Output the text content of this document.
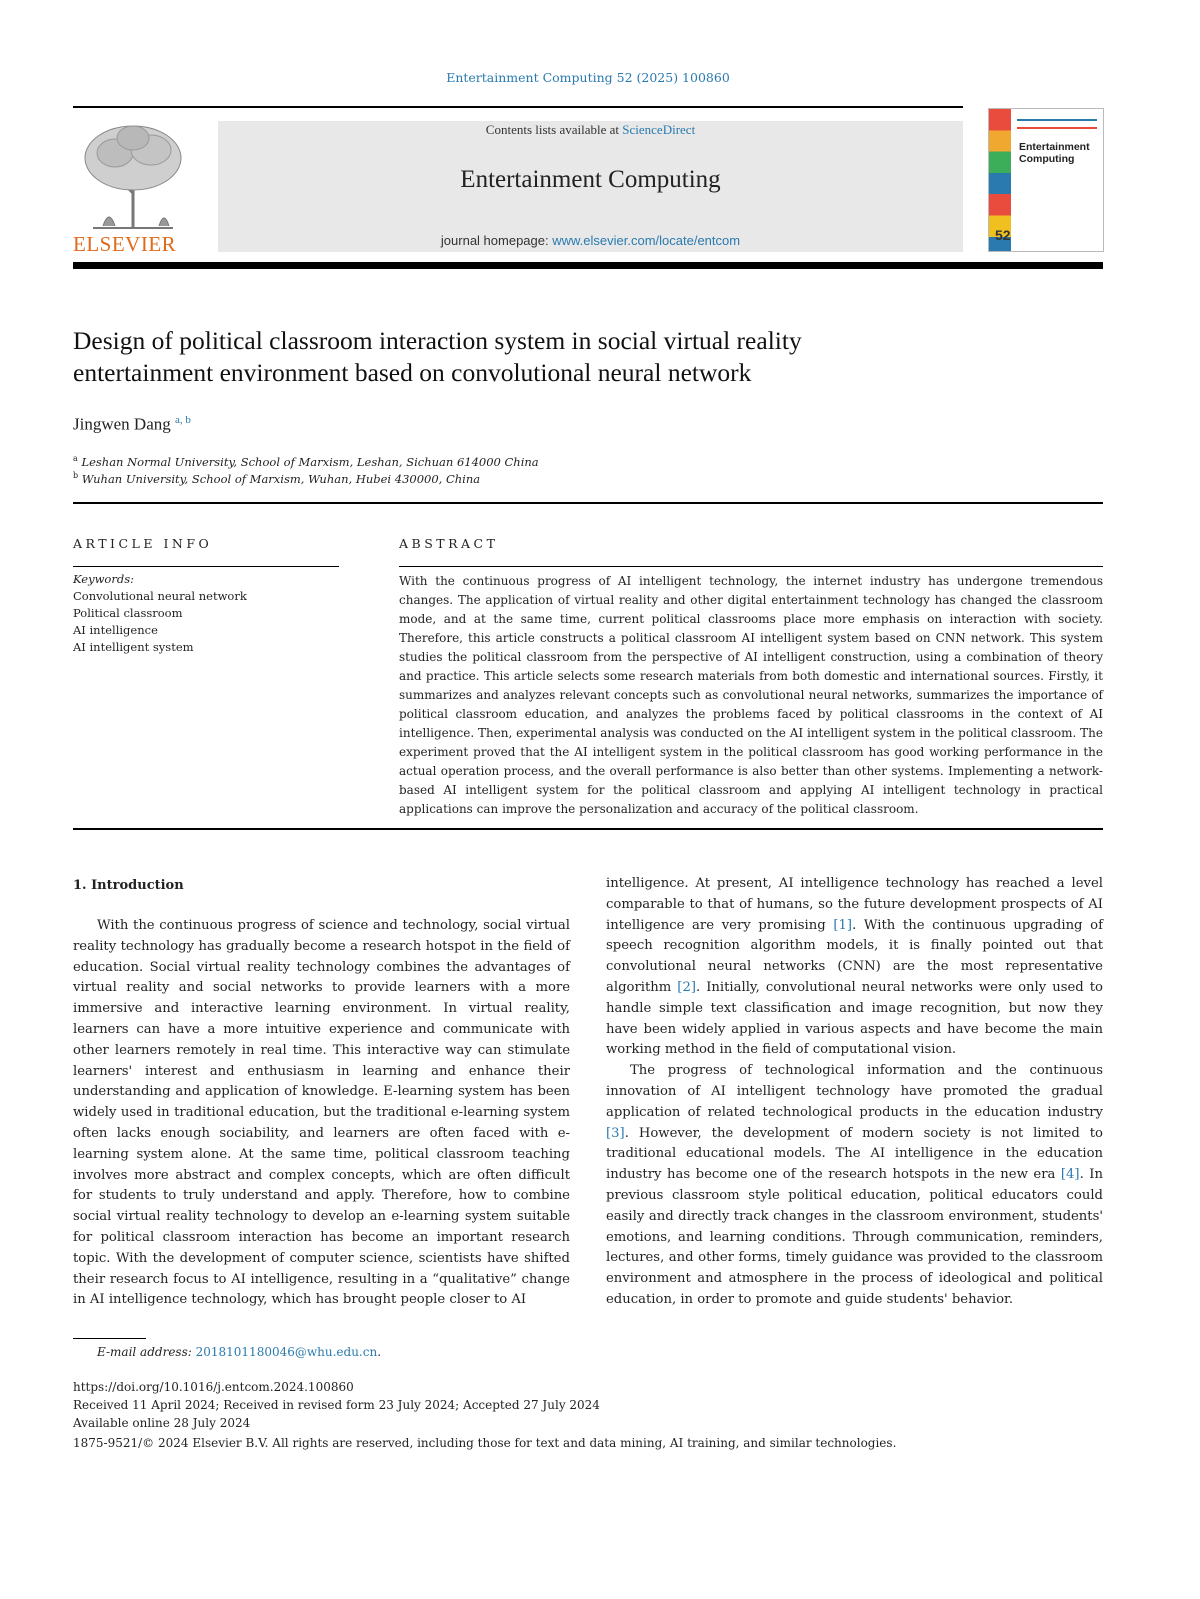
Entertainment Computing 52 (2025) 100860
ELSEVIER
Contents lists available at ScienceDirect
Entertainment Computing
journal homepage: www.elsevier.com/locate/entcom
Entertainment Computing
52
Design of political classroom interaction system in social virtual reality
entertainment environment based on convolutional neural network
Jingwen Dang $^{a, b}$
$^a$ Leshan Normal University, School of Marxism, Leshan, Sichuan 614000 China
$^b$ Wuhan University, School of Marxism, Wuhan, Hubei 430000, China
ARTICLE INFO
Keywords:
Convolutional neural network
Political classroom
AI intelligence
AI intelligent system
ABSTRACT
With the continuous progress of AI intelligent technology, the internet industry has undergone tremendous changes. The application of virtual reality and other digital entertainment technology has changed the classroom mode, and at the same time, current political classrooms place more emphasis on interaction with society. Therefore, this article constructs a political classroom AI intelligent system based on CNN network. This system studies the political classroom from the perspective of AI intelligent construction, using a combination of theory and practice. This article selects some research materials from both domestic and international sources. Firstly, it summarizes and analyzes relevant concepts such as convolutional neural networks, summarizes the importance of political classroom education, and analyzes the problems faced by political classrooms in the context of AI intelligence. Then, experimental analysis was conducted on the AI intelligent system in the political classroom. The experiment proved that the AI intelligent system in the political classroom has good working performance in the actual operation process, and the overall performance is also better than other systems. Implementing a network-based AI intelligent system for the political classroom and applying AI intelligent technology in practical applications can improve the personalization and accuracy of the political classroom.
1. Introduction

With the continuous progress of science and technology, social virtual reality technology has gradually become a research hotspot in the field of education. Social virtual reality technology combines the advantages of virtual reality and social networks to provide learners with a more immersive and interactive learning environment. In virtual reality, learners can have a more intuitive experience and communicate with other learners remotely in real time. This interactive way can stimulate learners' interest and enthusiasm in learning and enhance their understanding and application of knowledge. E-learning system has been widely used in traditional education, but the traditional e-learning system often lacks enough sociability, and learners are often faced with e-learning system alone. At the same time, political classroom teaching involves more abstract and complex concepts, which are often difficult for students to truly understand and apply. Therefore, how to combine social virtual reality technology to develop an e-learning system suitable for political classroom interaction has become an important research topic. With the development of computer science, scientists have shifted their research focus to AI intelligence, resulting in a “qualitative” change in AI intelligence technology, which has brought people closer to AI

intelligence. At present, AI intelligence technology has reached a level comparable to that of humans, so the future development prospects of AI intelligence are very promising [1]. With the continuous upgrading of speech recognition algorithm models, it is finally pointed out that convolutional neural networks (CNN) are the most representative algorithm [2]. Initially, convolutional neural networks were only used to handle simple text classification and image recognition, but now they have been widely applied in various aspects and have become the main working method in the field of computational vision.

The progress of technological information and the continuous innovation of AI intelligent technology have promoted the gradual application of related technological products in the education industry [3]. However, the development of modern society is not limited to traditional educational models. The AI intelligence in the education industry has become one of the research hotspots in the new era [4]. In previous classroom style political education, political educators could easily and directly track changes in the classroom environment, students' emotions, and learning conditions. Through communication, reminders, lectures, and other forms, timely guidance was provided to the classroom environment and atmosphere in the process of ideological and political education, in order to promote and guide students' behavior.

E-mail address: 2018101180046@whu.edu.cn.
https://doi.org/10.1016/j.entcom.2024.100860
Received 11 April 2024; Received in revised form 23 July 2024; Accepted 27 July 2024
Available online 28 July 2024
1875-9521/© 2024 Elsevier B.V. All rights are reserved, including those for text and data mining, AI training, and similar technologies.
